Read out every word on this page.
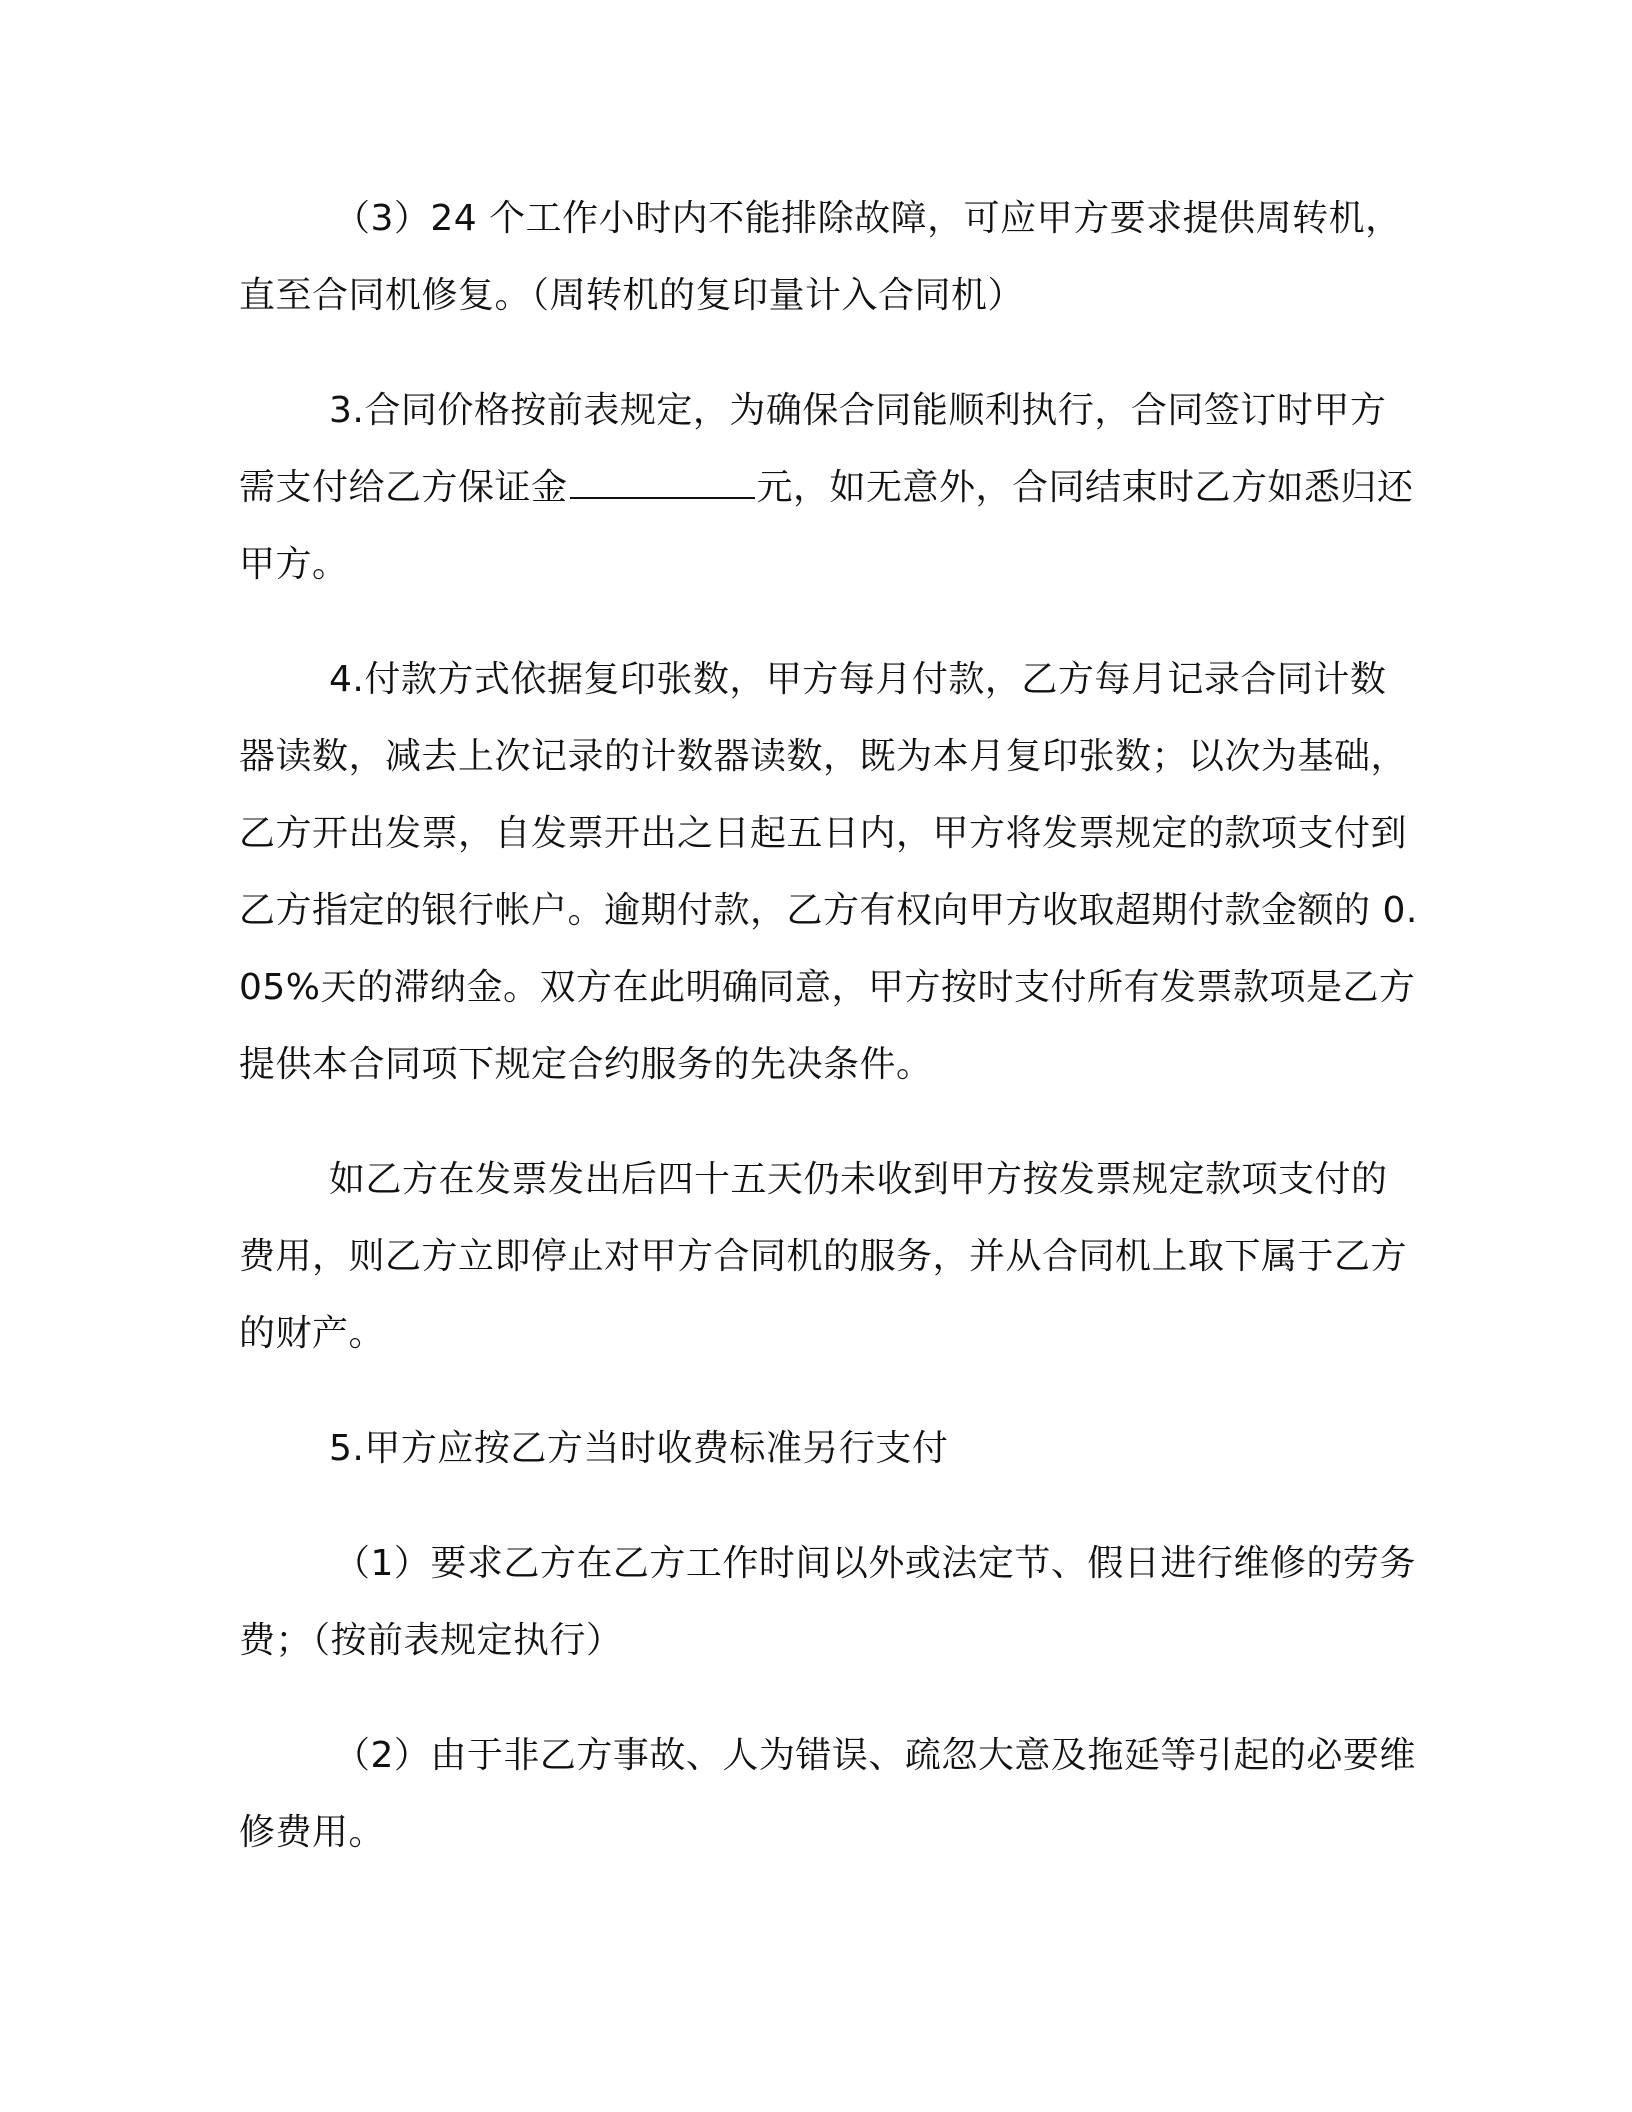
（3）24 个工作小时内不能排除故障，可应甲方要求提供周转机，直至合同机修复。（周转机的复印量计入合同机）

3.合同价格按前表规定，为确保合同能顺利执行，合同签订时甲方需支付给乙方保证金	元，如无意外，合同结束时乙方如悉归还甲方。

4.付款方式依据复印张数，甲方每月付款，乙方每月记录合同计数器读数，减去上次记录的计数器读数，既为本月复印张数；以次为基础，乙方开出发票，自发票开出之日起五日内，甲方将发票规定的款项支付到乙方指定的银行帐户。逾期付款，乙方有权向甲方收取超期付款金额的 0.05%天的滞纳金。双方在此明确同意，甲方按时支付所有发票款项是乙方提供本合同项下规定合约服务的先决条件。

如乙方在发票发出后四十五天仍未收到甲方按发票规定款项支付的费用，则乙方立即停止对甲方合同机的服务，并从合同机上取下属于乙方的财产。

5.甲方应按乙方当时收费标准另行支付

（1）要求乙方在乙方工作时间以外或法定节、假日进行维修的劳务费；（按前表规定执行）

（2）由于非乙方事故、人为错误、疏忽大意及拖延等引起的必要维修费用。
